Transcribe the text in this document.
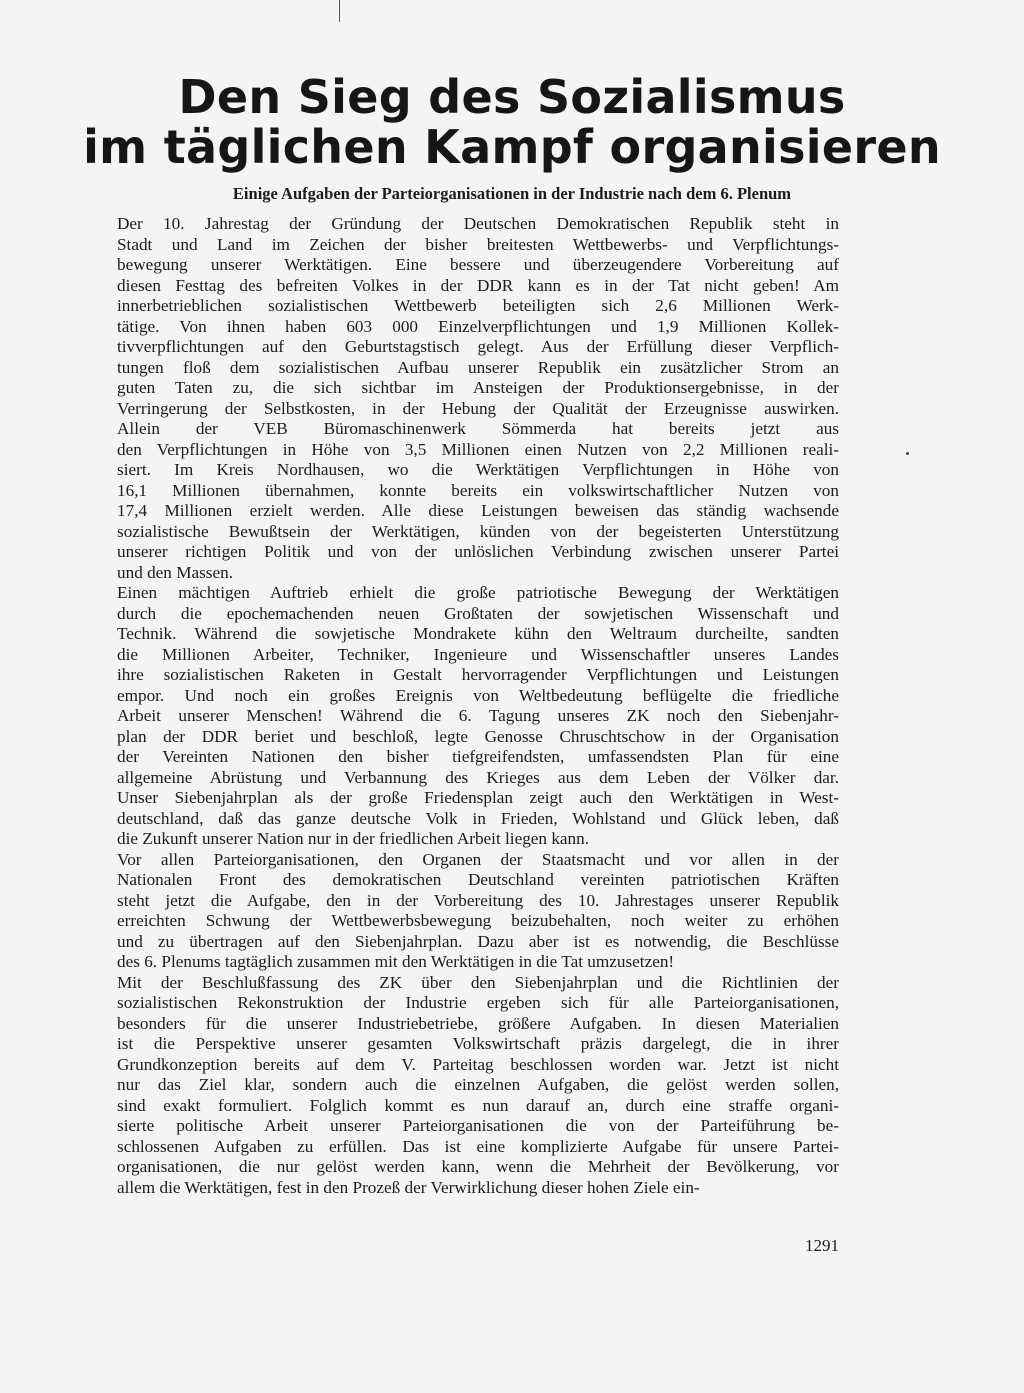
Den Sieg des Sozialismus
im täglichen Kampf organisieren
Einige Aufgaben der Parteiorganisationen in der Industrie nach dem 6. Plenum

Der 10. Jahrestag der Gründung der Deutschen Demokratischen Republik steht in
Stadt und Land im Zeichen der bisher breitesten Wettbewerbs- und Verpflichtungs-
bewegung unserer Werktätigen. Eine bessere und überzeugendere Vorbereitung auf
diesen Festtag des befreiten Volkes in der DDR kann es in der Tat nicht geben! Am
innerbetrieblichen sozialistischen Wettbewerb beteiligten sich 2,6 Millionen Werk-
tätige. Von ihnen haben 603 000 Einzelverpflichtungen und 1,9 Millionen Kollek-
tivverpflichtungen auf den Geburtstagstisch gelegt. Aus der Erfüllung dieser Verpflich-
tungen floß dem sozialistischen Aufbau unserer Republik ein zusätzlicher Strom an
guten Taten zu, die sich sichtbar im Ansteigen der Produktionsergebnisse, in der
Verringerung der Selbstkosten, in der Hebung der Qualität der Erzeugnisse auswirken.
Allein der VEB Büromaschinenwerk Sömmerda hat bereits jetzt aus
den Verpflichtungen in Höhe von 3,5 Millionen einen Nutzen von 2,2 Millionen reali-
siert. Im Kreis Nordhausen, wo die Werktätigen Verpflichtungen in Höhe von
16,1 Millionen übernahmen, konnte bereits ein volkswirtschaftlicher Nutzen von
17,4 Millionen erzielt werden. Alle diese Leistungen beweisen das ständig wachsende
sozialistische Bewußtsein der Werktätigen, künden von der begeisterten Unterstützung
unserer richtigen Politik und von der unlöslichen Verbindung zwischen unserer Partei
und den Massen.

Einen mächtigen Auftrieb erhielt die große patriotische Bewegung der Werktätigen
durch die epochemachenden neuen Großtaten der sowjetischen Wissenschaft und
Technik. Während die sowjetische Mondrakete kühn den Weltraum durcheilte, sandten
die Millionen Arbeiter, Techniker, Ingenieure und Wissenschaftler unseres Landes
ihre sozialistischen Raketen in Gestalt hervorragender Verpflichtungen und Leistungen
empor. Und noch ein großes Ereignis von Weltbedeutung beflügelte die friedliche
Arbeit unserer Menschen! Während die 6. Tagung unseres ZK noch den Siebenjahr-
plan der DDR beriet und beschloß, legte Genosse Chruschtschow in der Organisation
der Vereinten Nationen den bisher tiefgreifendsten, umfassendsten Plan für eine
allgemeine Abrüstung und Verbannung des Krieges aus dem Leben der Völker dar.
Unser Siebenjahrplan als der große Friedensplan zeigt auch den Werktätigen in West-
deutschland, daß das ganze deutsche Volk in Frieden, Wohlstand und Glück leben, daß
die Zukunft unserer Nation nur in der friedlichen Arbeit liegen kann.

Vor allen Parteiorganisationen, den Organen der Staatsmacht und vor allen in der
Nationalen Front des demokratischen Deutschland vereinten patriotischen Kräften
steht jetzt die Aufgabe, den in der Vorbereitung des 10. Jahrestages unserer Republik
erreichten Schwung der Wettbewerbsbewegung beizubehalten, noch weiter zu erhöhen
und zu übertragen auf den Siebenjahrplan. Dazu aber ist es notwendig, die Beschlüsse
des 6. Plenums tagtäglich zusammen mit den Werktätigen in die Tat umzusetzen!

Mit der Beschlußfassung des ZK über den Siebenjahrplan und die Richtlinien der
sozialistischen Rekonstruktion der Industrie ergeben sich für alle Parteiorganisationen,
besonders für die unserer Industriebetriebe, größere Aufgaben. In diesen Materialien
ist die Perspektive unserer gesamten Volkswirtschaft präzis dargelegt, die in ihrer
Grundkonzeption bereits auf dem V. Parteitag beschlossen worden war. Jetzt ist nicht
nur das Ziel klar, sondern auch die einzelnen Aufgaben, die gelöst werden sollen,
sind exakt formuliert. Folglich kommt es nun darauf an, durch eine straffe organi-
sierte politische Arbeit unserer Parteiorganisationen die von der Parteiführung be-
schlossenen Aufgaben zu erfüllen. Das ist eine komplizierte Aufgabe für unsere Partei-
organisationen, die nur gelöst werden kann, wenn die Mehrheit der Bevölkerung, vor
allem die Werktätigen, fest in den Prozeß der Verwirklichung dieser hohen Ziele ein-

1291
